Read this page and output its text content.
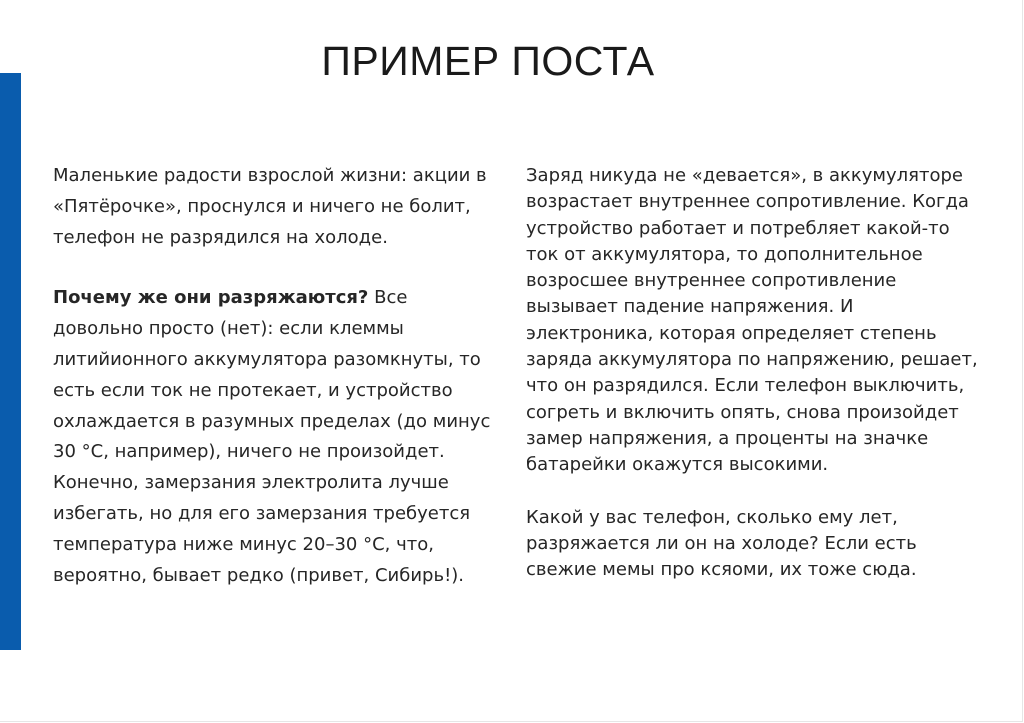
ПРИМЕР ПОСТА

Маленькие радости взрослой жизни: акции в «Пятёрочке», проснулся и ничего не болит, телефон не разрядился на холоде.

Почему же они разряжаются? Все довольно просто (нет): если клеммы литийионного аккумулятора разомкнуты, то есть если ток не протекает, и устройство охлаждается в разумных пределах (до минус 30 °С, например), ничего не произойдет. Конечно, замерзания электролита лучше избегать, но для его замерзания требуется температура ниже минус 20–30 °С, что, вероятно, бывает редко (привет, Сибирь!).

Заряд никуда не «девается», в аккумуляторе возрастает внутреннее сопротивление. Когда устройство работает и потребляет какой-то ток от аккумулятора, то дополнительное возросшее внутреннее сопротивление вызывает падение напряжения. И электроника, которая определяет степень заряда аккумулятора по напряжению, решает, что он разрядился. Если телефон выключить, согреть и включить опять, снова произойдет замер напряжения, а проценты на значке батарейки окажутся высокими.

Какой у вас телефон, сколько ему лет, разряжается ли он на холоде? Если есть свежие мемы про ксяоми, их тоже сюда.
